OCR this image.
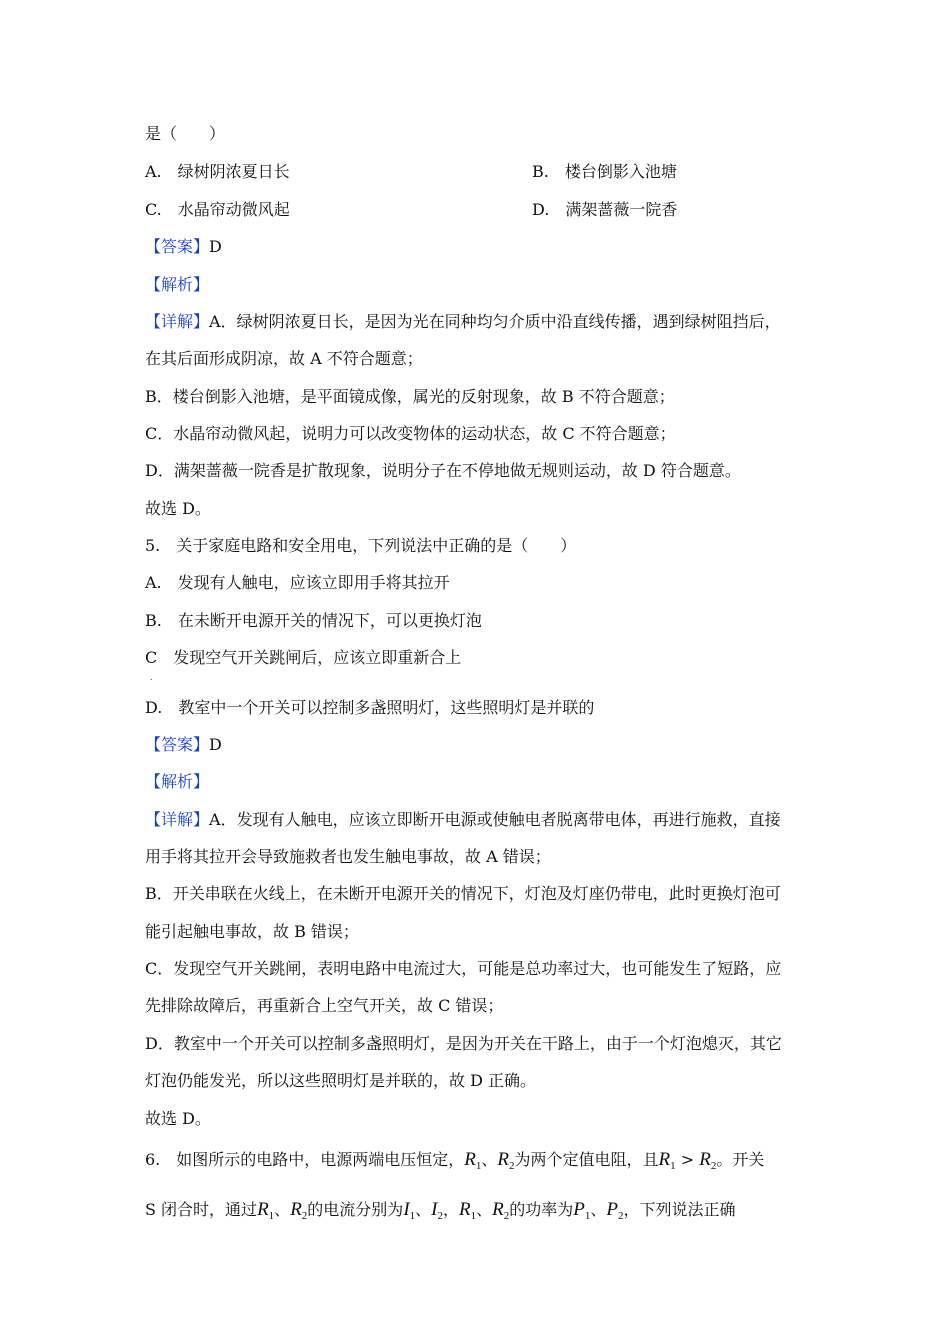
是（　　）
A.　绿树阴浓夏日长	B.　楼台倒影入池塘
C.　水晶帘动微风起	D.　满架蔷薇一院香
【答案】D
【解析】
【详解】A．绿树阴浓夏日长，是因为光在同种均匀介质中沿直线传播，遇到绿树阻挡后，
在其后面形成阴凉，故 A 不符合题意；
B．楼台倒影入池塘，是平面镜成像，属光的反射现象，故 B 不符合题意；
C．水晶帘动微风起，说明力可以改变物体的运动状态，故 C 不符合题意；
D．满架蔷薇一院香是扩散现象，说明分子在不停地做无规则运动，故 D 符合题意。
故选 D。
5.　关于家庭电路和安全用电，下列说法中正确的是（　　）
A.　发现有人触电，应该立即用手将其拉开
B.　在未断开电源开关的情况下，可以更换灯泡
C　发现空气开关跳闸后，应该立即重新合上
.
D.　教室中一个开关可以控制多盏照明灯，这些照明灯是并联的
【答案】D
【解析】
【详解】A．发现有人触电，应该立即断开电源或使触电者脱离带电体，再进行施救，直接
用手将其拉开会导致施救者也发生触电事故，故 A 错误；
B．开关串联在火线上，在未断开电源开关的情况下，灯泡及灯座仍带电，此时更换灯泡可
能引起触电事故，故 B 错误；
C．发现空气开关跳闸，表明电路中电流过大，可能是总功率过大，也可能发生了短路，应
先排除故障后，再重新合上空气开关，故 C 错误；
D．教室中一个开关可以控制多盏照明灯，是因为开关在干路上，由于一个灯泡熄灭，其它
灯泡仍能发光，所以这些照明灯是并联的，故 D 正确。
故选 D。
6.　如图所示的电路中，电源两端电压恒定，$R_1$、$R_2$为两个定值电阻，且$R_1 > R_2$。开关
S 闭合时，通过$R_1$、$R_2$的电流分别为$I_1$、$I_2$，$R_1$、$R_2$的功率为$P_1$、$P_2$，下列说法正确
